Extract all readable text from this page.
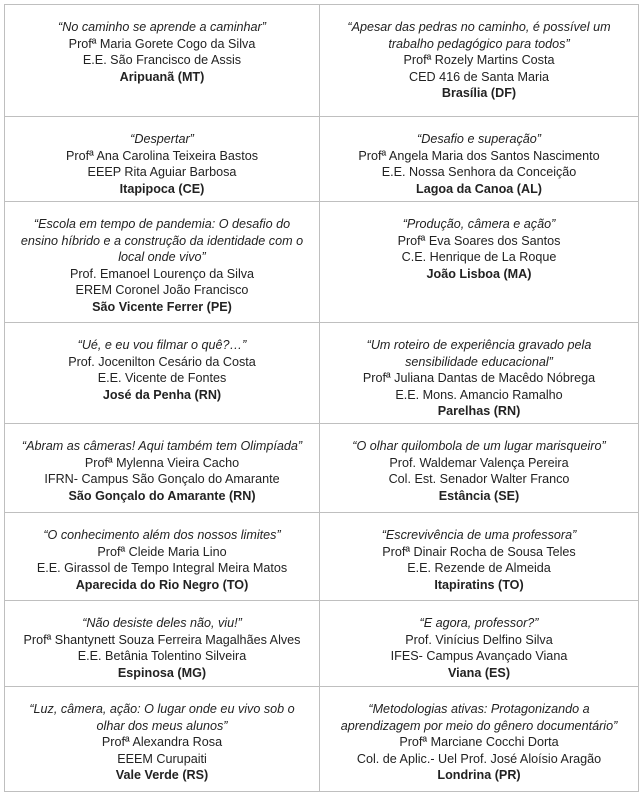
“No caminho se aprende a caminhar”
Profª Maria Gorete Cogo da Silva
E.E. São Francisco de Assis
Aripuanã (MT)	“Apesar das pedras no caminho, é possível um trabalho pedagógico para todos”
Profª Rozely Martins Costa
CED 416 de Santa Maria
Brasília (DF)

“Despertar”
Profª Ana Carolina Teixeira Bastos
EEEP Rita Aguiar Barbosa
Itapipoca (CE)	“Desafio e superação”
Profª Angela Maria dos Santos Nascimento
E.E. Nossa Senhora da Conceição
Lagoa da Canoa (AL)

“Escola em tempo de pandemia: O desafio do ensino híbrido e a construção da identidade com o local onde vivo”
Prof. Emanoel Lourenço da Silva
EREM Coronel João Francisco
São Vicente Ferrer (PE)	“Produção, câmera e ação”
Profª Eva Soares dos Santos
C.E. Henrique de La Roque
João Lisboa (MA)

“Ué, e eu vou filmar o quê?…”
Prof. Jocenilton Cesário da Costa
E.E. Vicente de Fontes
José da Penha (RN)	“Um roteiro de experiência gravado pela sensibilidade educacional”
Profª Juliana Dantas de Macêdo Nóbrega
E.E. Mons. Amancio Ramalho
Parelhas (RN)

“Abram as câmeras! Aqui também tem Olimpíada”
Profª Mylenna Vieira Cacho
IFRN- Campus São Gonçalo do Amarante
São Gonçalo do Amarante (RN)	“O olhar quilombola de um lugar marisqueiro”
Prof. Waldemar Valença Pereira
Col. Est. Senador Walter Franco
Estância (SE)

“O conhecimento além dos nossos limites”
Profª Cleide Maria Lino
E.E. Girassol de Tempo Integral Meira Matos
Aparecida do Rio Negro (TO)	“Escrevivência de uma professora”
Profª Dinair Rocha de Sousa Teles
E.E. Rezende de Almeida
Itapiratins (TO)

“Não desiste deles não, viu!”
Profª Shantynett Souza Ferreira Magalhães Alves
E.E. Betânia Tolentino Silveira
Espinosa (MG)	“E agora, professor?”
Prof. Vinícius Delfino Silva
IFES- Campus Avançado Viana
Viana (ES)

“Luz, câmera, ação: O lugar onde eu vivo sob o olhar dos meus alunos”
Profª Alexandra Rosa
EEEM Curupaiti
Vale Verde (RS)	“Metodologias ativas: Protagonizando a aprendizagem por meio do gênero documentário”
Profª Marciane Cocchi Dorta
Col. de Aplic.- Uel Prof. José Aloísio Aragão
Londrina (PR)
